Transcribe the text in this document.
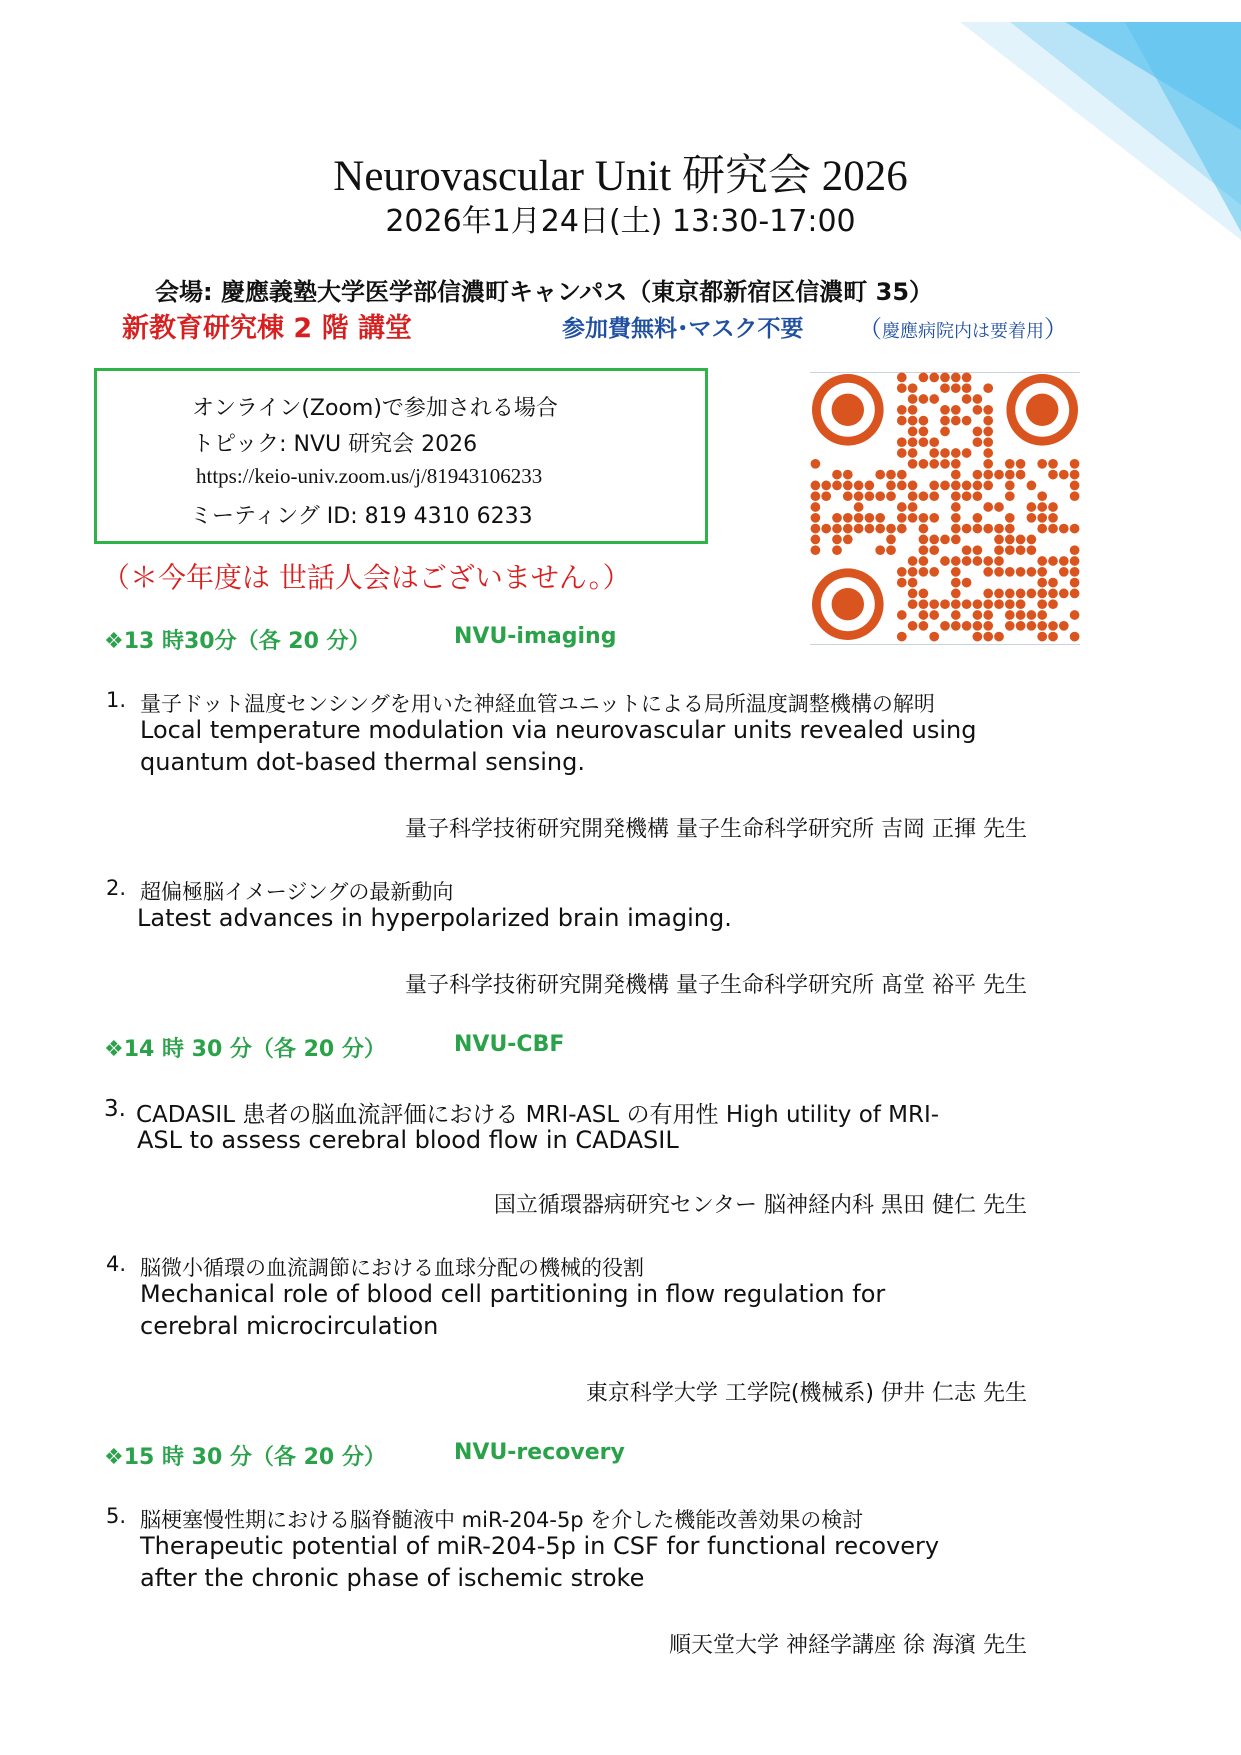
Neurovascular Unit 研究会 2026
2026年1月24日(土) 13:30-17:00
会場: 慶應義塾大学医学部信濃町キャンパス（東京都新宿区信濃町 35）
新教育研究棟 2 階 講堂	参加費無料･マスク不要 （慶應病院内は要着用）
オンライン(Zoom)で参加される場合
トピック: NVU 研究会 2026
https://keio-univ.zoom.us/j/81943106233
ミーティング ID: 819 4310 6233
（＊今年度は 世話人会はございません。）
❖13 時30分（各 20 分）	NVU-imaging
1. 量子ドット温度センシングを用いた神経血管ユニットによる局所温度調整機構の解明
Local temperature modulation via neurovascular units revealed using
quantum dot-based thermal sensing.
量子科学技術研究開発機構 量子生命科学研究所 吉岡 正揮 先生
2. 超偏極脳イメージングの最新動向
Latest advances in hyperpolarized brain imaging.
量子科学技術研究開発機構 量子生命科学研究所 髙堂 裕平 先生
❖14 時 30 分（各 20 分）	NVU-CBF
3. CADASIL 患者の脳血流評価における MRI-ASL の有用性 High utility of MRI-
ASL to assess cerebral blood flow in CADASIL
国立循環器病研究センター 脳神経内科 黒田 健仁 先生
4. 脳微小循環の血流調節における血球分配の機械的役割
Mechanical role of blood cell partitioning in flow regulation for
cerebral microcirculation
東京科学大学 工学院(機械系) 伊井 仁志 先生
❖15 時 30 分（各 20 分）	NVU-recovery
5. 脳梗塞慢性期における脳脊髄液中 miR-204-5p を介した機能改善効果の検討
Therapeutic potential of miR-204-5p in CSF for functional recovery
after the chronic phase of ischemic stroke
順天堂大学 神経学講座 徐 海濱 先生
